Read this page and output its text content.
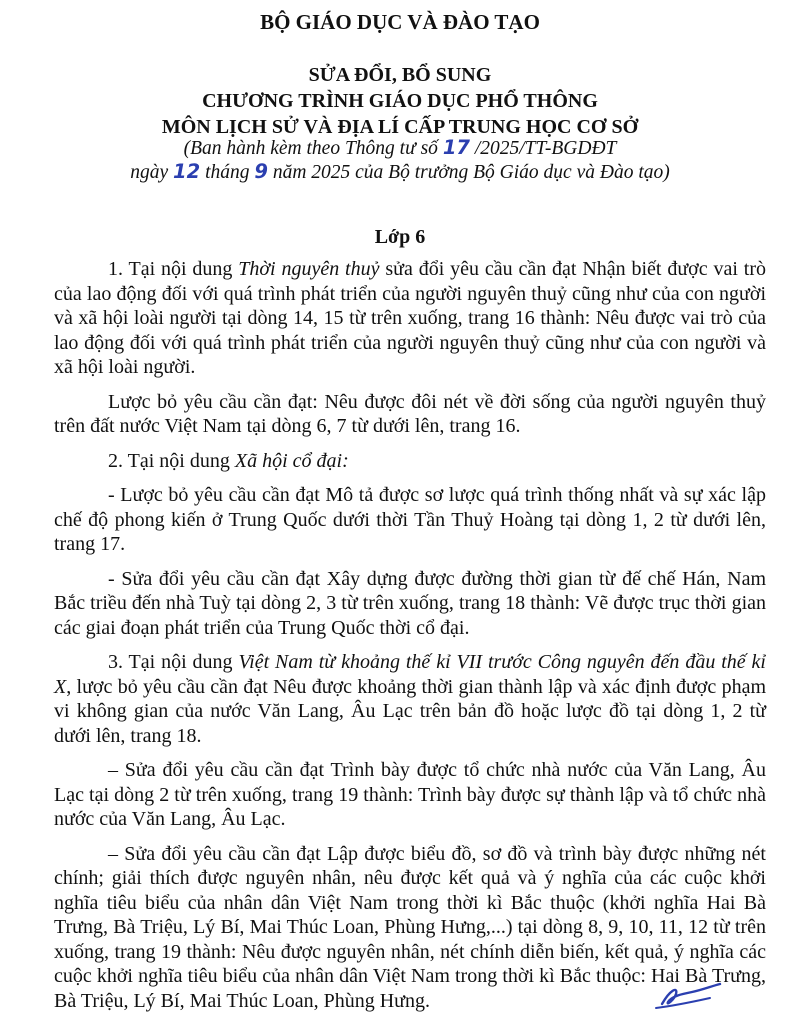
BỘ GIÁO DỤC VÀ ĐÀO TẠO
SỬA ĐỔI, BỔ SUNG
CHƯƠNG TRÌNH GIÁO DỤC PHỔ THÔNG
MÔN LỊCH SỬ VÀ ĐỊA LÍ CẤP TRUNG HỌC CƠ SỞ
(Ban hành kèm theo Thông tư số 17 /2025/TT-BGDĐT
ngày 12 tháng 9 năm 2025 của Bộ trưởng Bộ Giáo dục và Đào tạo)
Lớp 6

1. Tại nội dung Thời nguyên thuỷ sửa đổi yêu cầu cần đạt Nhận biết được vai trò của lao động đối với quá trình phát triển của người nguyên thuỷ cũng như của con người và xã hội loài người tại dòng 14, 15 từ trên xuống, trang 16 thành: Nêu được vai trò của lao động đối với quá trình phát triển của người nguyên thuỷ cũng như của con người và xã hội loài người.

Lược bỏ yêu cầu cần đạt: Nêu được đôi nét về đời sống của người nguyên thuỷ trên đất nước Việt Nam tại dòng 6, 7 từ dưới lên, trang 16.

2. Tại nội dung Xã hội cổ đại:

- Lược bỏ yêu cầu cần đạt Mô tả được sơ lược quá trình thống nhất và sự xác lập chế độ phong kiến ở Trung Quốc dưới thời Tần Thuỷ Hoàng tại dòng 1, 2 từ dưới lên, trang 17.

- Sửa đổi yêu cầu cần đạt Xây dựng được đường thời gian từ đế chế Hán, Nam Bắc triều đến nhà Tuỳ tại dòng 2, 3 từ trên xuống, trang 18 thành: Vẽ được trục thời gian các giai đoạn phát triển của Trung Quốc thời cổ đại.

3. Tại nội dung Việt Nam từ khoảng thế kỉ VII trước Công nguyên đến đầu thế kỉ X, lược bỏ yêu cầu cần đạt Nêu được khoảng thời gian thành lập và xác định được phạm vi không gian của nước Văn Lang, Âu Lạc trên bản đồ hoặc lược đồ tại dòng 1, 2 từ dưới lên, trang 18.

– Sửa đổi yêu cầu cần đạt Trình bày được tổ chức nhà nước của Văn Lang, Âu Lạc tại dòng 2 từ trên xuống, trang 19 thành: Trình bày được sự thành lập và tổ chức nhà nước của Văn Lang, Âu Lạc.

– Sửa đổi yêu cầu cần đạt Lập được biểu đồ, sơ đồ và trình bày được những nét chính; giải thích được nguyên nhân, nêu được kết quả và ý nghĩa của các cuộc khởi nghĩa tiêu biểu của nhân dân Việt Nam trong thời kì Bắc thuộc (khởi nghĩa Hai Bà Trưng, Bà Triệu, Lý Bí, Mai Thúc Loan, Phùng Hưng,...) tại dòng 8, 9, 10, 11, 12 từ trên xuống, trang 19 thành: Nêu được nguyên nhân, nét chính diễn biến, kết quả, ý nghĩa các cuộc khởi nghĩa tiêu biểu của nhân dân Việt Nam trong thời kì Bắc thuộc: Hai Bà Trưng, Bà Triệu, Lý Bí, Mai Thúc Loan, Phùng Hưng.
